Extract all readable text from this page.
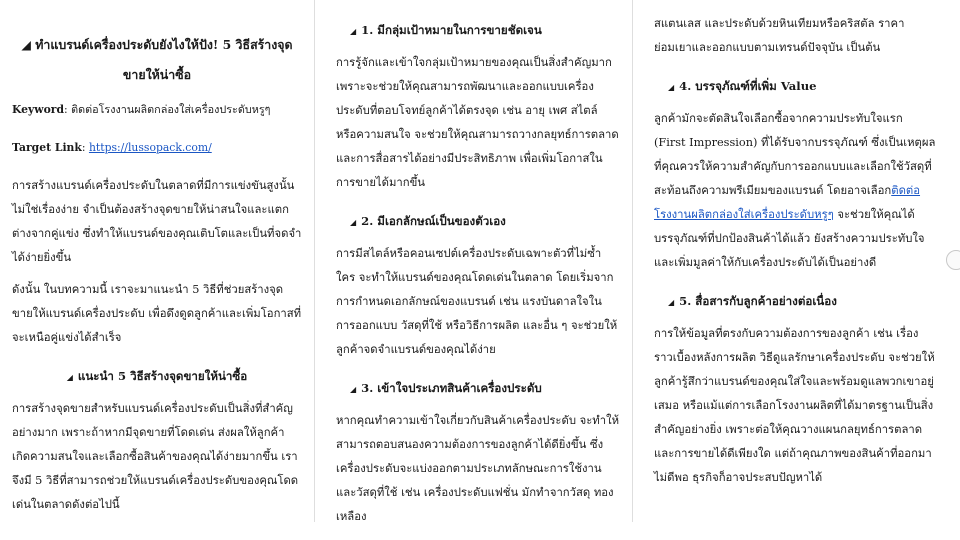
◢ ทำแบรนด์เครื่องประดับยังไงให้ปัง! 5 วิธีสร้างจุดขายให้น่าซื้อ
Keyword: ติดต่อโรงงานผลิตกล่องใส่เครื่องประดับหรูๆ
Target Link: https://lussopack.com/

การสร้างแบรนด์เครื่องประดับในตลาดที่มีการแข่งขันสูงนั้นไม่ใช่เรื่องง่าย จำเป็นต้องสร้างจุดขายให้น่าสนใจและแตกต่างจากคู่แข่ง ซึ่งทำให้แบรนด์ของคุณเติบโตและเป็นที่จดจำได้ง่ายยิ่งขึ้น

ดังนั้น ในบทความนี้ เราจะมาแนะนำ 5 วิธีที่ช่วยสร้างจุดขายให้แบรนด์เครื่องประดับ เพื่อดึงดูดลูกค้าและเพิ่มโอกาสที่จะเหนือคู่แข่งได้สำเร็จ

◢ แนะนำ 5 วิธีสร้างจุดขายให้น่าซื้อ

การสร้างจุดขายสำหรับแบรนด์เครื่องประดับเป็นสิ่งที่สำคัญอย่างมาก เพราะถ้าหากมีจุดขายที่โดดเด่น ส่งผลให้ลูกค้าเกิดความสนใจและเลือกซื้อสินค้าของคุณได้ง่ายมากขึ้น เราจึงมี 5 วิธีที่สามารถช่วยให้แบรนด์เครื่องประดับของคุณโดดเด่นในตลาดดังต่อไปนี้

◢ 1. มีกลุ่มเป้าหมายในการขายชัดเจน

การรู้จักและเข้าใจกลุ่มเป้าหมายของคุณเป็นสิ่งสำคัญมาก เพราะจะช่วยให้คุณสามารถพัฒนาและออกแบบเครื่องประดับที่ตอบโจทย์ลูกค้าได้ตรงจุด เช่น อายุ เพศ สไตล์ หรือความสนใจ จะช่วยให้คุณสามารถวางกลยุทธ์การตลาดและการสื่อสารได้อย่างมีประสิทธิภาพ เพื่อเพิ่มโอกาสในการขายได้มากขึ้น

◢ 2. มีเอกลักษณ์เป็นของตัวเอง

การมีสไตล์หรือคอนเซปต์เครื่องประดับเฉพาะตัวที่ไม่ซ้ำใคร จะทำให้แบรนด์ของคุณโดดเด่นในตลาด โดยเริ่มจากการกำหนดเอกลักษณ์ของแบรนด์ เช่น แรงบันดาลใจในการออกแบบ วัสดุที่ใช้ หรือวิธีการผลิต และอื่น ๆ จะช่วยให้ลูกค้าจดจำแบรนด์ของคุณได้ง่าย

◢ 3. เข้าใจประเภทสินค้าเครื่องประดับ

หากคุณทำความเข้าใจเกี่ยวกับสินค้าเครื่องประดับ จะทำให้สามารถตอบสนองความต้องการของลูกค้าได้ดียิ่งขึ้น ซึ่งเครื่องประดับจะแบ่งออกตามประเภทลักษณะการใช้งานและวัสดุที่ใช้ เช่น เครื่องประดับแฟชั่น มักทำจากวัสดุ ทองเหลือง

สแตนเลส และประดับด้วยหินเทียมหรือคริสตัล ราคาย่อมเยาและออกแบบตามเทรนด์ปัจจุบัน เป็นต้น

◢ 4. บรรจุภัณฑ์ที่เพิ่ม Value

ลูกค้ามักจะตัดสินใจเลือกซื้อจากความประทับใจแรก (First Impression) ที่ได้รับจากบรรจุภัณฑ์ ซึ่งเป็นเหตุผลที่คุณควรให้ความสำคัญกับการออกแบบและเลือกใช้วัสดุที่สะท้อนถึงความพรีเมียมของแบรนด์ โดยอาจเลือกติดต่อโรงงานผลิตกล่องใส่เครื่องประดับหรูๆ จะช่วยให้คุณได้บรรจุภัณฑ์ที่ปกป้องสินค้าได้แล้ว ยังสร้างความประทับใจและเพิ่มมูลค่าให้กับเครื่องประดับได้เป็นอย่างดี

◢ 5. สื่อสารกับลูกค้าอย่างต่อเนื่อง

การให้ข้อมูลที่ตรงกับความต้องการของลูกค้า เช่น เรื่องราวเบื้องหลังการผลิต วิธีดูแลรักษาเครื่องประดับ จะช่วยให้ลูกค้ารู้สึกว่าแบรนด์ของคุณใส่ใจและพร้อมดูแลพวกเขาอยู่เสมอ หรือแม้แต่การเลือกโรงงานผลิตที่ได้มาตรฐานเป็นสิ่งสำคัญอย่างยิ่ง เพราะต่อให้คุณวางแผนกลยุทธ์การตลาดและการขายได้ดีเพียงใด แต่ถ้าคุณภาพของสินค้าที่ออกมาไม่ดีพอ ธุรกิจก็อาจประสบปัญหาได้
